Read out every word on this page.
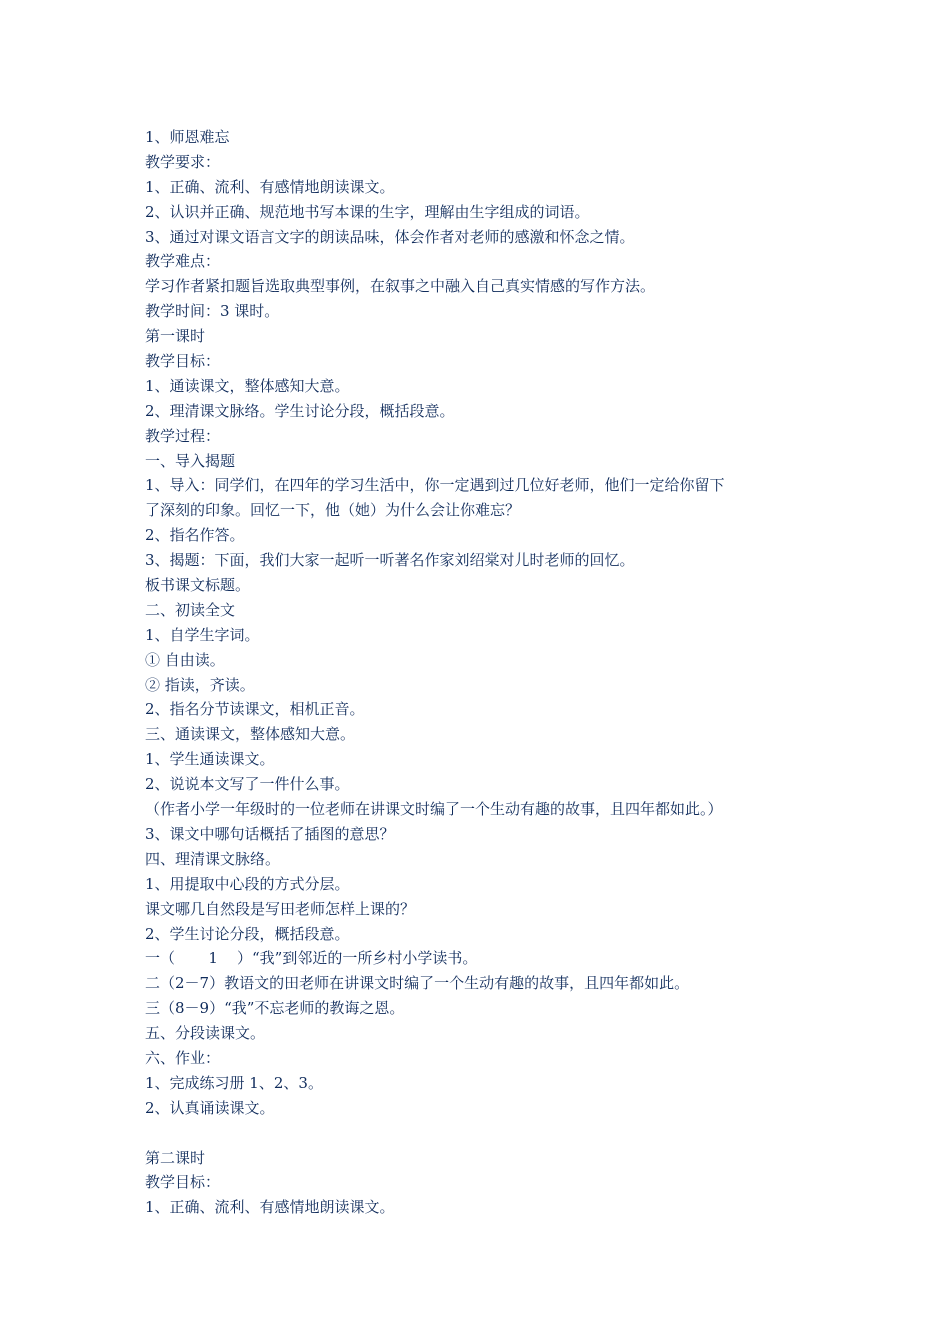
1、师恩难忘
教学要求：
1、正确、流利、有感情地朗读课文。
2、认识并正确、规范地书写本课的生字，理解由生字组成的词语。
3、通过对课文语言文字的朗读品味，体会作者对老师的感激和怀念之情。
教学难点：
学习作者紧扣题旨选取典型事例，在叙事之中融入自己真实情感的写作方法。
教学时间：3 课时。
第一课时
教学目标：
1、通读课文，整体感知大意。
2、理清课文脉络。学生讨论分段，概括段意。
教学过程：
一、导入揭题
1、导入：同学们，在四年的学习生活中，你一定遇到过几位好老师，他们一定给你留下
了深刻的印象。回忆一下，他（她）为什么会让你难忘？
2、指名作答。
3、揭题：下面，我们大家一起听一听著名作家刘绍棠对儿时老师的回忆。
板书课文标题。
二、初读全文
1、自学生字词。
① 自由读。
② 指读，齐读。
2、指名分节读课文，相机正音。
三、通读课文，整体感知大意。
1、学生通读课文。
2、说说本文写了一件什么事。
（作者小学一年级时的一位老师在讲课文时编了一个生动有趣的故事，且四年都如此。）
3、课文中哪句话概括了插图的意思？
四、理清课文脉络。
1、用提取中心段的方式分层。
课文哪几自然段是写田老师怎样上课的？
2、学生讨论分段，概括段意。
一（       1    ）“我”到邻近的一所乡村小学读书。
二（2－7）教语文的田老师在讲课文时编了一个生动有趣的故事，且四年都如此。
三（8－9）“我”不忘老师的教诲之恩。
五、分段读课文。
六、作业：
1、完成练习册 1、2、3。
2、认真诵读课文。
第二课时
教学目标：
1、正确、流利、有感情地朗读课文。
